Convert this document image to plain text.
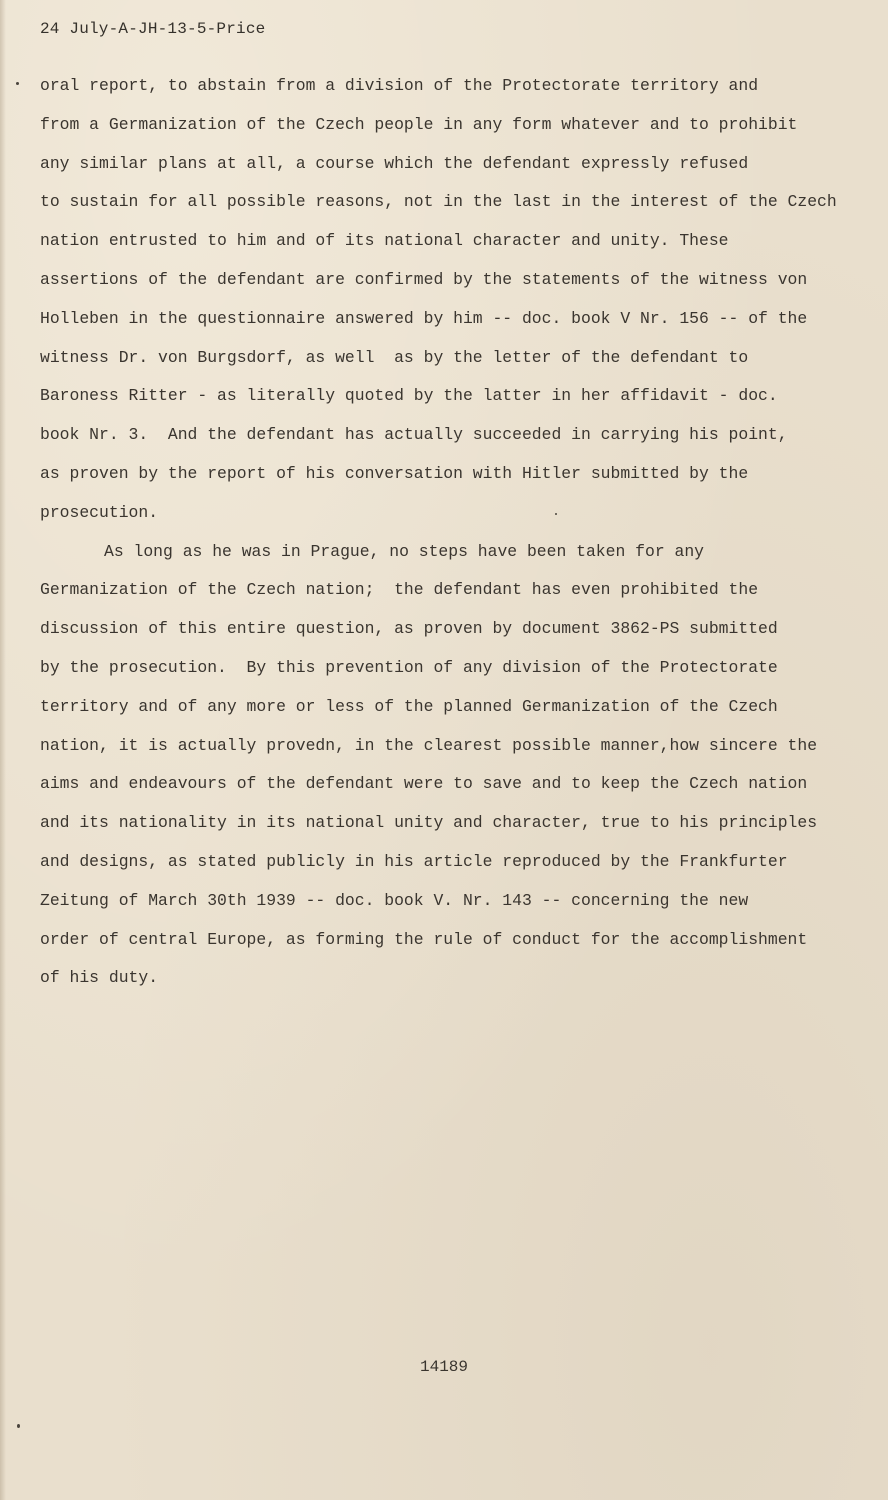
24 July-A-JH-13-5-Price
oral report, to abstain from a division of the Protectorate territory and
from a Germanization of the Czech people in any form whatever and to prohibit
any similar plans at all, a course which the defendant expressly refused
to sustain for all possible reasons, not in the last in the interest of the Czech
nation entrusted to him and of its national character and unity. These
assertions of the defendant are confirmed by the statements of the witness von
Holleben in the questionnaire answered by him -- doc. book V Nr. 156 -- of the
witness Dr. von Burgsdorf, as well  as by the letter of the defendant to
Baroness Ritter - as literally quoted by the latter in her affidavit - doc.
book Nr. 3.  And the defendant has actually succeeded in carrying his point,
as proven by the report of his conversation with Hitler submitted by the
prosecution.
As long as he was in Prague, no steps have been taken for any
Germanization of the Czech nation;  the defendant has even prohibited the
discussion of this entire question, as proven by document 3862-PS submitted
by the prosecution.  By this prevention of any division of the Protectorate
territory and of any more or less of the planned Germanization of the Czech
nation, it is actually provedn, in the clearest possible manner,how sincere the
aims and endeavours of the defendant were to save and to keep the Czech nation
and its nationality in its national unity and character, true to his principles
and designs, as stated publicly in his article reproduced by the Frankfurter
Zeitung of March 30th 1939 -- doc. book V. Nr. 143 -- concerning the new
order of central Europe, as forming the rule of conduct for the accomplishment
of his duty.
14189
